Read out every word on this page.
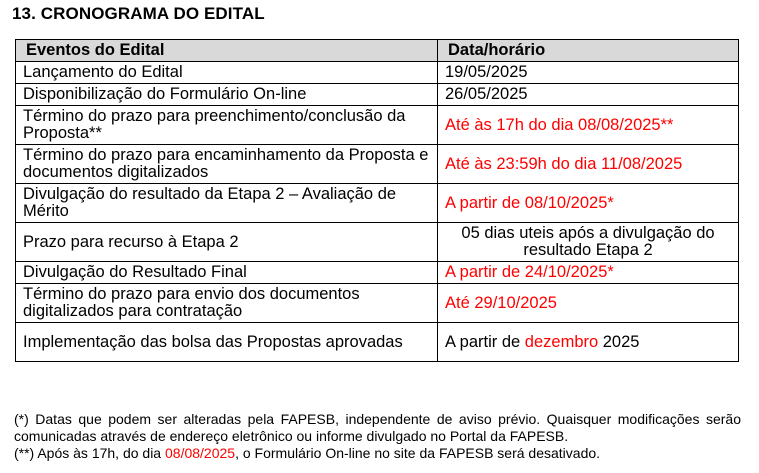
13. CRONOGRAMA DO EDITAL
Eventos do Edital	Data/horário
Lançamento do Edital	19/05/2025
Disponibilização do Formulário On-line	26/05/2025
Término do prazo para preenchimento/conclusão da Proposta**	Até às 17h do dia 08/08/2025**
Término do prazo para encaminhamento da Proposta e documentos digitalizados	Até às 23:59h do dia 11/08/2025
Divulgação do resultado da Etapa 2 – Avaliação de Mérito	A partir de 08/10/2025*
Prazo para recurso à Etapa 2	05 dias uteis após a divulgação do resultado Etapa 2
Divulgação do Resultado Final	A partir de 24/10/2025*
Término do prazo para envio dos documentos digitalizados para contratação	Até 29/10/2025
Implementação das bolsa das Propostas aprovadas	A partir de dezembro 2025

(*) Datas que podem ser alteradas pela FAPESB, independente de aviso prévio. Quaisquer modificações serão comunicadas através de endereço eletrônico ou informe divulgado no Portal da FAPESB.

(**) Após às 17h, do dia 08/08/2025, o Formulário On-line no site da FAPESB será desativado.
